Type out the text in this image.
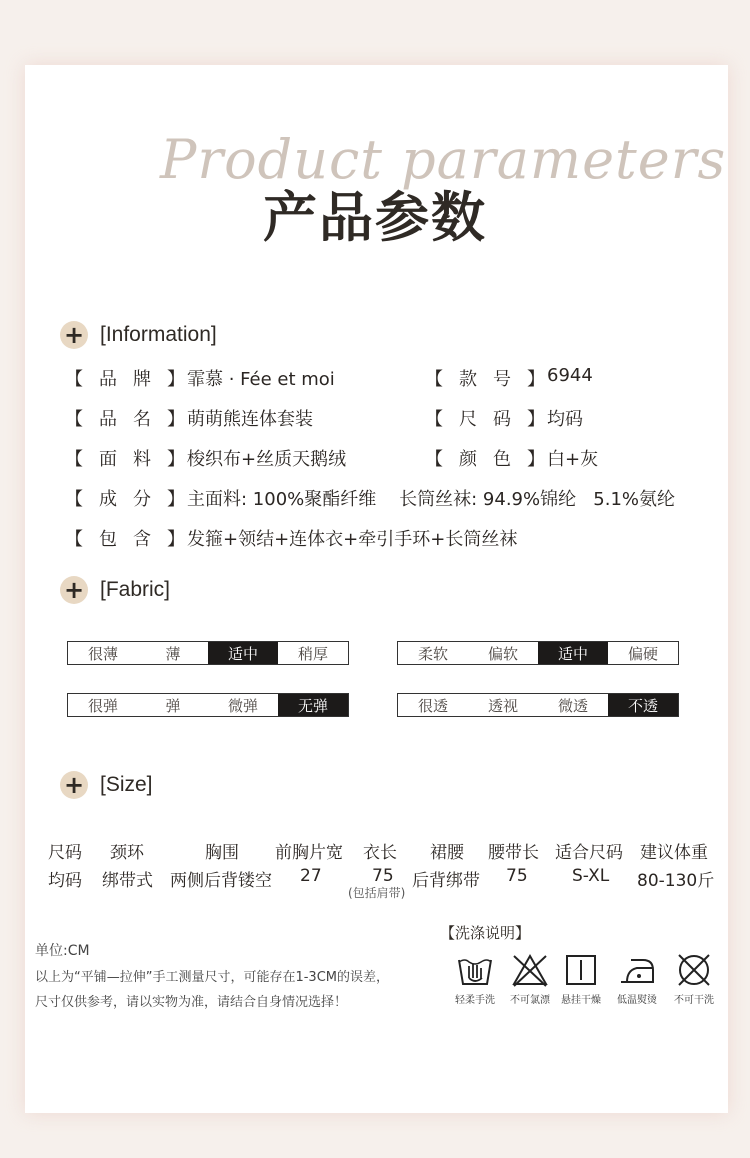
Product parameters
产品参数
+ [Information]
【 品 牌 】 霏慕 · Fée et moi	【 款 号 】 6944
【 品 名 】 萌萌熊连体套装	【 尺 码 】 均码
【 面 料 】 梭织布+丝质天鹅绒	【 颜 色 】 白+灰
【 成 分 】 主面料: 100%聚酯纤维    长筒丝袜: 94.9%锦纶   5.1%氨纶
【 包 含 】 发箍+领结+连体衣+牵引手环+长筒丝袜
+ [Fabric]
很薄	薄	适中	稍厚	柔软	偏软	适中	偏硬
很弹	弹	微弹	无弹	很透	透视	微透	不透
+ [Size]
尺码 颈环	胸围 前胸片宽 衣长 裙腰 腰带长 适合尺码 建议体重
均码 绑带式 两侧后背镂空 27	75 后背绑带 75	S-XL 80-130斤
(包括肩带)
单位:CM
以上为“平铺—拉伸”手工测量尺寸，可能存在1-3CM的误差，
尺寸仅供参考，请以实物为准，请结合自身情况选择！
【洗涤说明】
轻柔手洗	不可氯漂	悬挂干燥	低温熨烫	不可干洗
